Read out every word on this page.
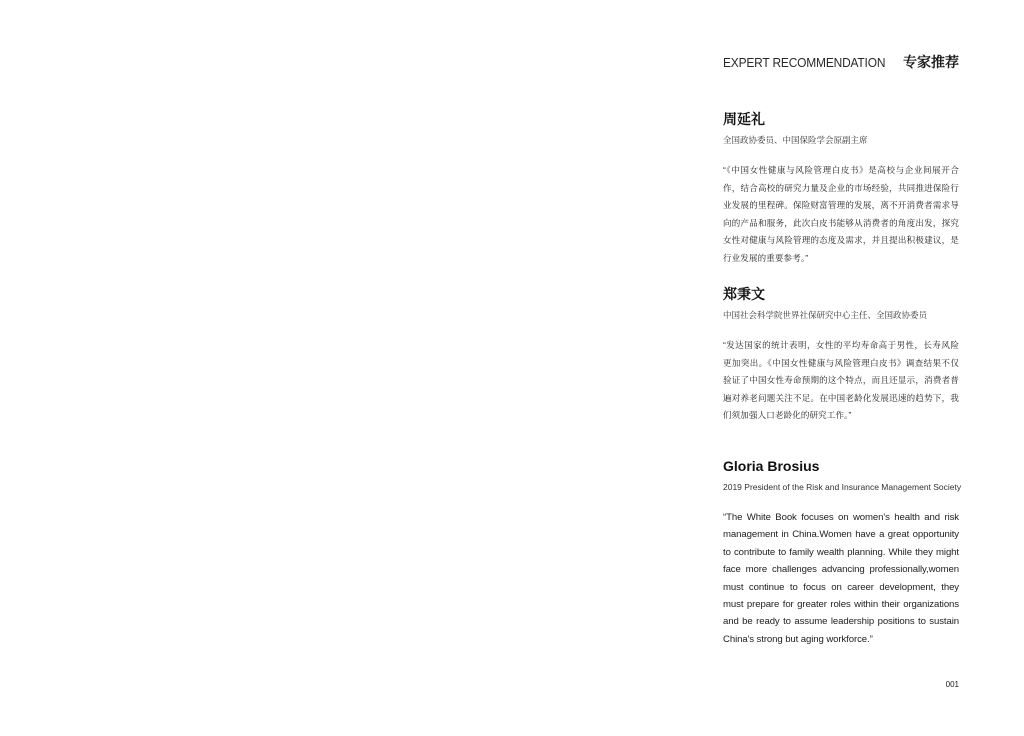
EXPERT RECOMMENDATION 专家推荐

周延礼

全国政协委员、中国保险学会原副主席

“《中国女性健康与风险管理白皮书》是高校与企业间展开合作，结合高校的研究力量及企业的市场经验，共同推进保险行业发展的里程碑。保险财富管理的发展，离不开消费者需求导向的产品和服务，此次白皮书能够从消费者的角度出发，探究女性对健康与风险管理的态度及需求，并且提出积极建议，是行业发展的重要参考。”

郑秉文

中国社会科学院世界社保研究中心主任、全国政协委员

“发达国家的统计表明，女性的平均寿命高于男性，长寿风险更加突出。《中国女性健康与风险管理白皮书》调查结果不仅验证了中国女性寿命预期的这个特点，而且还显示，消费者普遍对养老问题关注不足。在中国老龄化发展迅速的趋势下，我们须加强人口老龄化的研究工作。”

Gloria Brosius

2019 President of the Risk and Insurance Management Society

“The White Book focuses on women's health and risk management in China.Women have a great opportunity to contribute to family wealth planning. While they might face more challenges advancing professionally,women must continue to focus on career development, they must prepare for greater roles within their organizations and be ready to assume leadership positions to sustain China's strong but aging workforce.”

001
